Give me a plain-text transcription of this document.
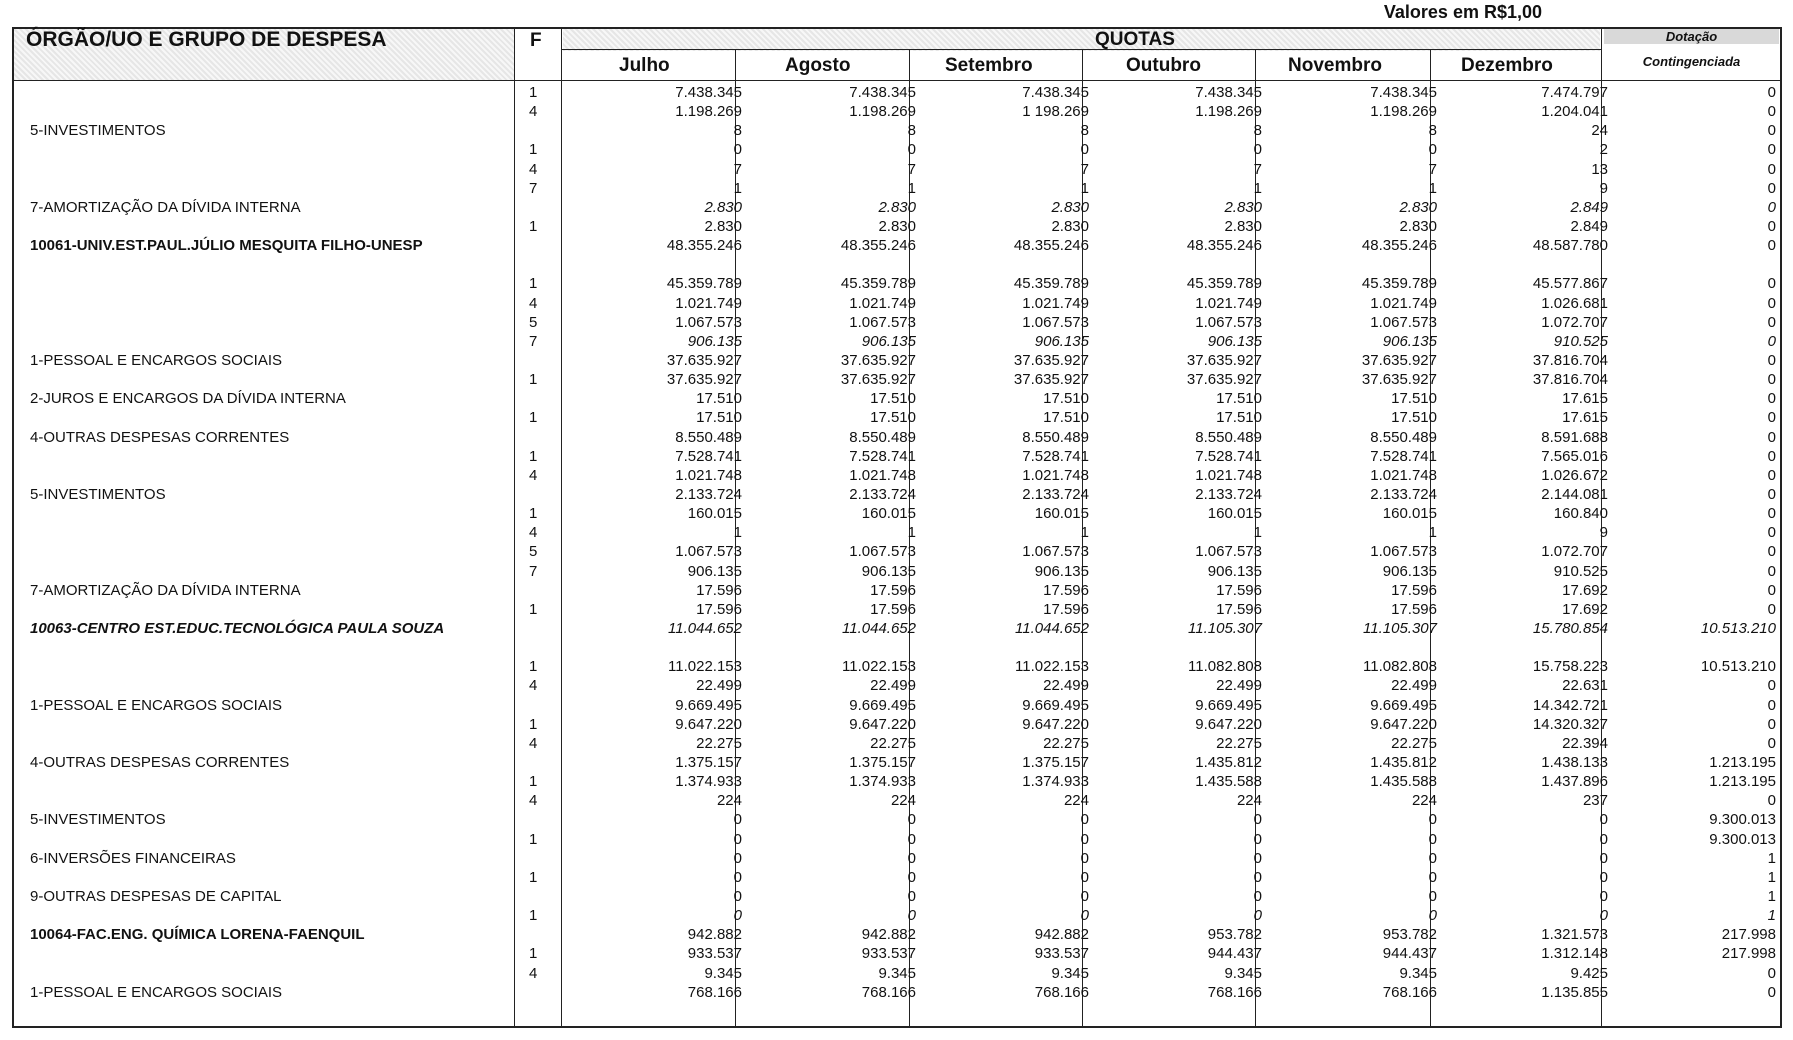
Valores em R$1,00
ÓRGÃO/UO E GRUPO DE DESPESA	F	QUOTAS
Julho	Agosto	Setembro	Outubro	Novembro	Dezembro
Dotação
Contingenciada
1	7.438.345	7.438.345	7.438.345	7.438.345	7.438.345	7.474.797	0
4	1.198.269	1.198.269	1 198.269	1.198.269	1.198.269	1.204.041	0
5-INVESTIMENTOS	8	8	8	8	8	24	0
1	0	0	0	0	0	2	0
4	7	7	7	7	7	13	0
7	1	1	1	1	1	9	0
7-AMORTIZAÇÃO DA DÍVIDA INTERNA	2.830	2.830	2.830	2.830	2.830	2.849	0
1	2.830	2.830	2.830	2.830	2.830	2.849	0
10061-UNIV.EST.PAUL.JÚLIO MESQUITA FILHO-UNESP	48.355.246	48.355.246	48.355.246	48.355.246	48.355.246	48.587.780	0
1	45.359.789	45.359.789	45.359.789	45.359.789	45.359.789	45.577.867	0
4	1.021.749	1.021.749	1.021.749	1.021.749	1.021.749	1.026.681	0
5	1.067.573	1.067.573	1.067.573	1.067.573	1.067.573	1.072.707	0
7	906.135	906.135	906.135	906.135	906.135	910.525	0
1-PESSOAL E ENCARGOS SOCIAIS	37.635.927	37.635.927	37.635.927	37.635.927	37.635.927	37.816.704	0
1	37.635.927	37.635.927	37.635.927	37.635.927	37.635.927	37.816.704	0
2-JUROS E ENCARGOS DA DÍVIDA INTERNA	17.510	17.510	17.510	17.510	17.510	17.615	0
1	17.510	17.510	17.510	17.510	17.510	17.615	0
4-OUTRAS DESPESAS CORRENTES	8.550.489	8.550.489	8.550.489	8.550.489	8.550.489	8.591.688	0
1	7.528.741	7.528.741	7.528.741	7.528.741	7.528.741	7.565.016	0
4	1.021.748	1.021.748	1.021.748	1.021.748	1.021.748	1.026.672	0
5-INVESTIMENTOS	2.133.724	2.133.724	2.133.724	2.133.724	2.133.724	2.144.081	0
1	160.015	160.015	160.015	160.015	160.015	160.840	0
4	1	1	1	1	1	9	0
5	1.067.573	1.067.573	1.067.573	1.067.573	1.067.573	1.072.707	0
7	906.135	906.135	906.135	906.135	906.135	910.525	0
7-AMORTIZAÇÃO DA DÍVIDA INTERNA	17.596	17.596	17.596	17.596	17.596	17.692	0
1	17.596	17.596	17.596	17.596	17.596	17.692	0
10063-CENTRO EST.EDUC.TECNOLÓGICA PAULA SOUZA	11.044.652	11.044.652	11.044.652	11.105.307	11.105.307	15.780.854	10.513.210
1	11.022.153	11.022.153	11.022.153	11.082.808	11.082.808	15.758.223	10.513.210
4	22.499	22.499	22.499	22.499	22.499	22.631	0
1-PESSOAL E ENCARGOS SOCIAIS	9.669.495	9.669.495	9.669.495	9.669.495	9.669.495	14.342.721	0
1	9.647.220	9.647.220	9.647.220	9.647.220	9.647.220	14.320.327	0
4	22.275	22.275	22.275	22.275	22.275	22.394	0
4-OUTRAS DESPESAS CORRENTES	1.375.157	1.375.157	1.375.157	1.435.812	1.435.812	1.438.133	1.213.195
1	1.374.933	1.374.933	1.374.933	1.435.588	1.435.588	1.437.896	1.213.195
4	224	224	224	224	224	237	0
5-INVESTIMENTOS	0	0	0	0	0	0	9.300.013
1	0	0	0	0	0	0	9.300.013
6-INVERSÕES FINANCEIRAS	0	0	0	0	0	0	1
1	0	0	0	0	0	0	1
9-OUTRAS DESPESAS DE CAPITAL	0	0	0	0	0	0	1
1	0	0	0	0	0	0	1
10064-FAC.ENG. QUÍMICA LORENA-FAENQUIL	942.882	942.882	942.882	953.782	953.782	1.321.573	217.998
1	933.537	933.537	933.537	944.437	944.437	1.312.148	217.998
4	9.345	9.345	9.345	9.345	9.345	9.425	0
1-PESSOAL E ENCARGOS SOCIAIS	768.166	768.166	768.166	768.166	768.166	1.135.855	0
